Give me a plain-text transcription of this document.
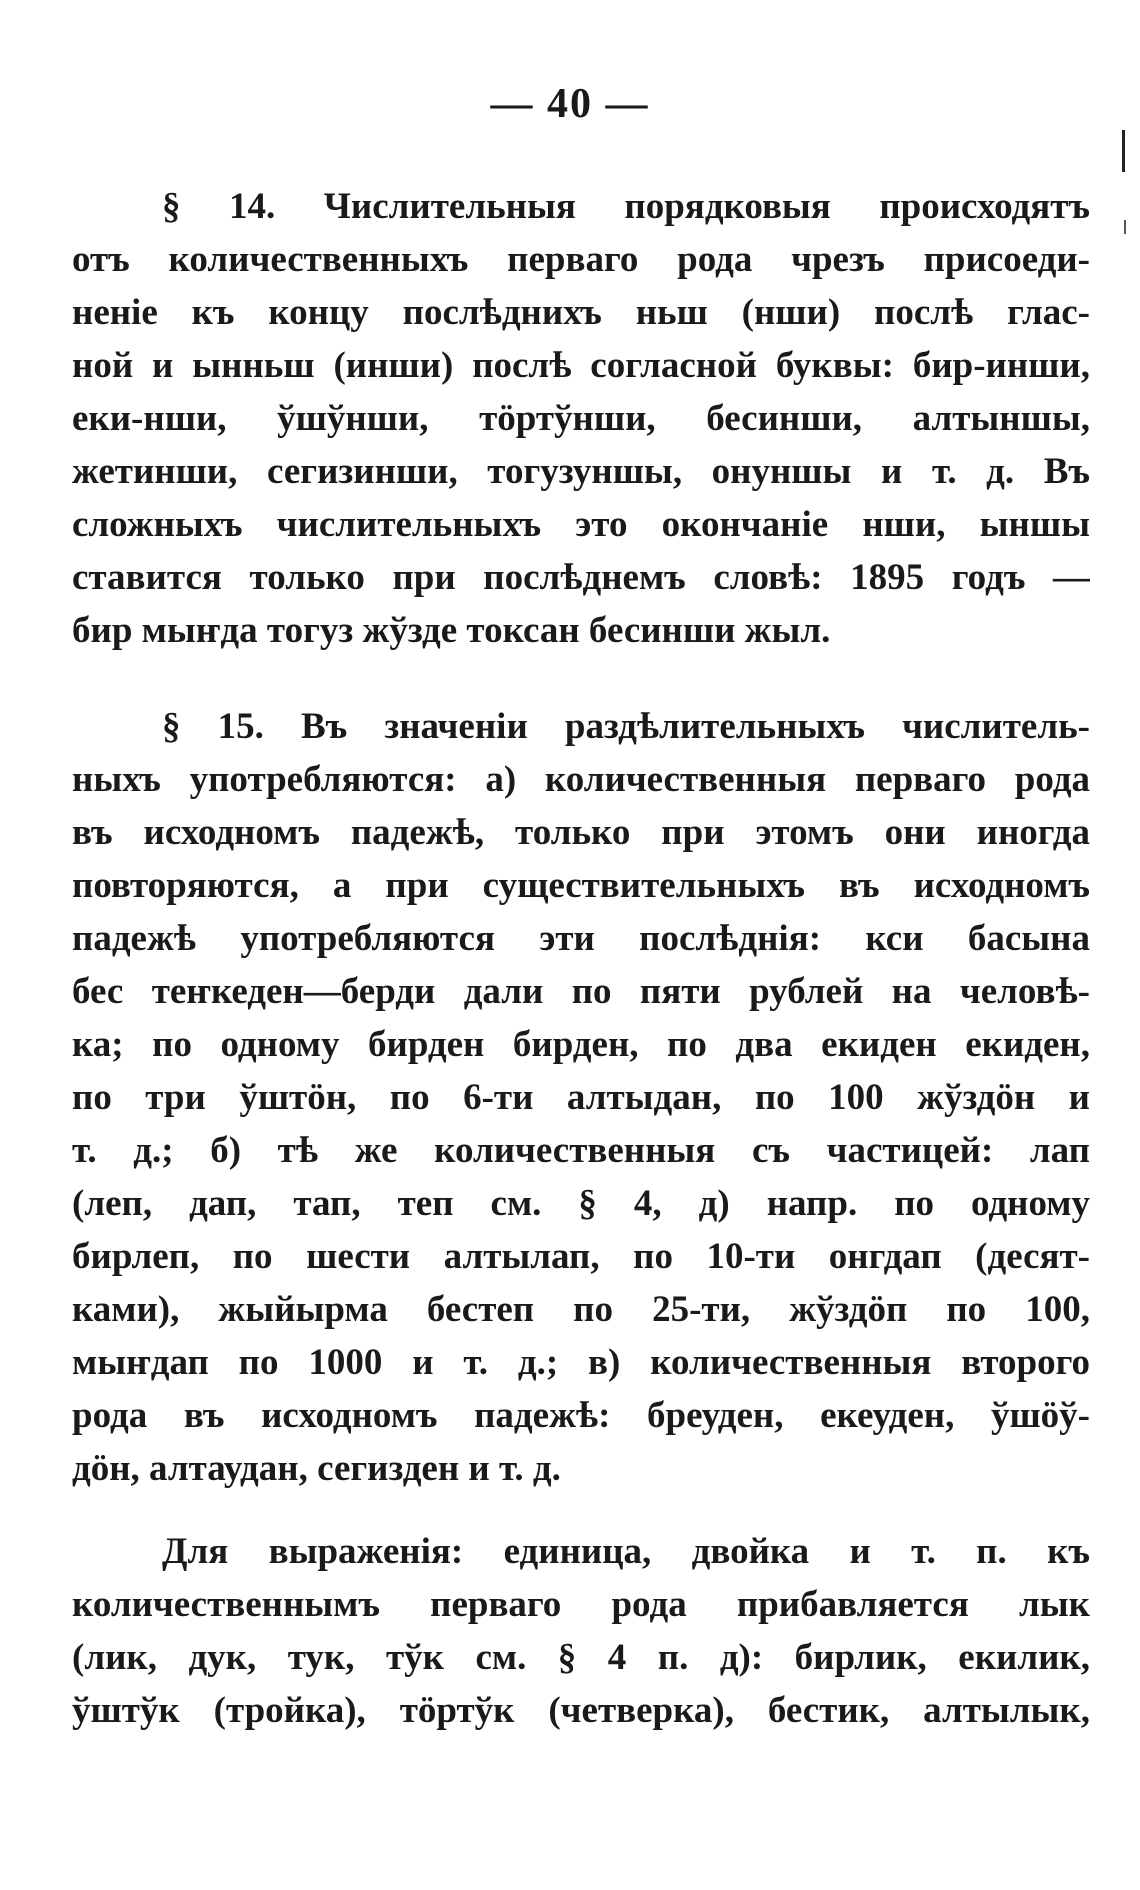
— 40 —
§ 14. Числительныя порядковыя происходятъ
отъ количественныхъ перваго рода чрезъ присоеди-
неніе къ концу послѣднихъ ньш (нши) послѣ глас-
ной и ынньш (инши) послѣ согласной буквы: бир-инши,
еки-нши, ўшўнши, тӧртўнши, бесинши, алтыншы,
жетинши, сегизинши, тогузуншы, онуншы и т. д. Въ
сложныхъ числительныхъ это окончаніе нши, ыншы
ставится только при послѣднемъ словѣ: 1895 годъ —
бир мыҥда тогуз жўзде токсан бесинши жыл.
§ 15. Въ значеніи раздѣлительныхъ числитель-
ныхъ употребляются: а) количественныя перваго рода
въ исходномъ падежѣ, только при этомъ они иногда
повторяются, а при существительныхъ въ исходномъ
падежѣ употребляются эти послѣднія: кси басына
бес теҥкеден—берди дали по пяти рублей на человѣ-
ка; по одному бирден бирден, по два екиден екиден,
по три ўштӧн, по 6-ти алтыдан, по 100 жўздӧн и
т. д.; б) тѣ же количественныя съ частицей: лап
(леп, дап, тап, теп см. § 4, д) напр. по одному
бирлеп, по шести алтылап, по 10-ти онгдап (десят-
ками), жыйырма бестеп по 25-ти, жўздӧп по 100,
мыҥдап по 1000 и т. д.; в) количественныя второго
рода въ исходномъ падежѣ: бреуден, екеуден, ўшӧў-
дӧн, алтаудан, сегизден и т. д.
Для выраженія: единица, двойка и т. п. къ
количественнымъ перваго рода прибавляется лык
(лик, дук, тук, тўк см. § 4 п. д): бирлик, екилик,
ўштўк (тройка), тӧртўк (четверка), бестик, алтылык,
